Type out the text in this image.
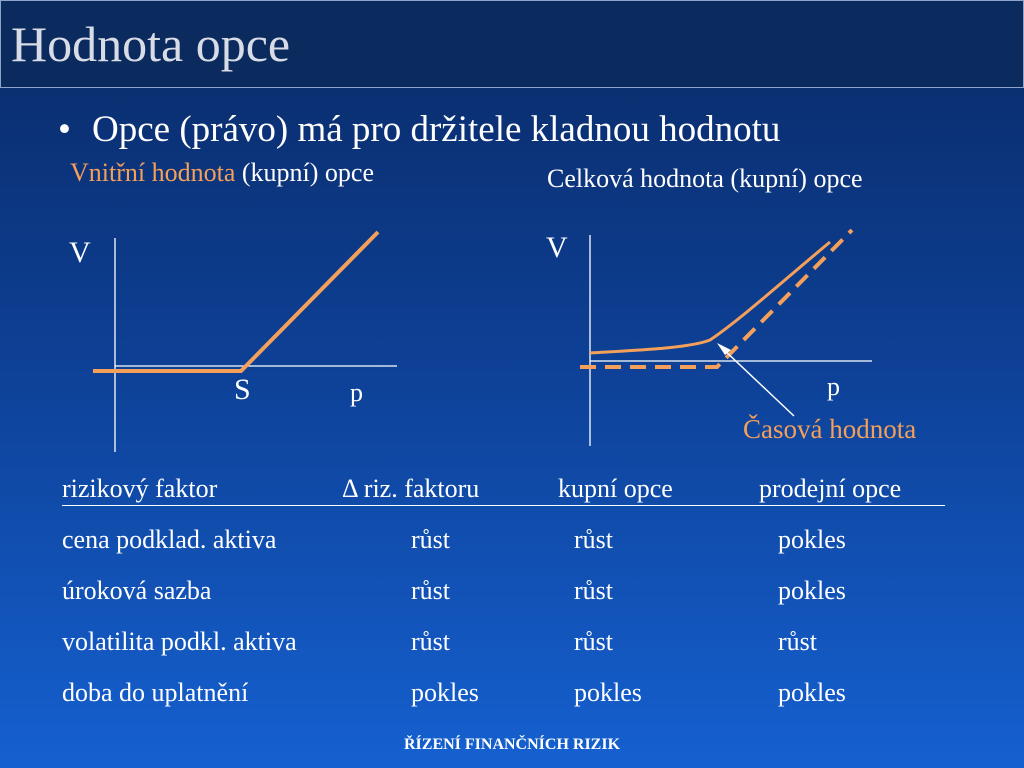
Hodnota opce
• Opce (právo) má pro držitele kladnou hodnotu
Vnitřní hodnota (kupní) opce	Celková hodnota (kupní) opce
V
S	p
V
p
Časová hodnota
rizikový faktor	Δ riz. faktoru	kupní opce	prodejní opce
cena podklad. aktiva	růst	růst	pokles
úroková sazba	růst	růst	pokles
volatilita podkl. aktiva	růst	růst	růst
doba do uplatnění	pokles	pokles	pokles
ŘÍZENÍ FINANČNÍCH RIZIK
